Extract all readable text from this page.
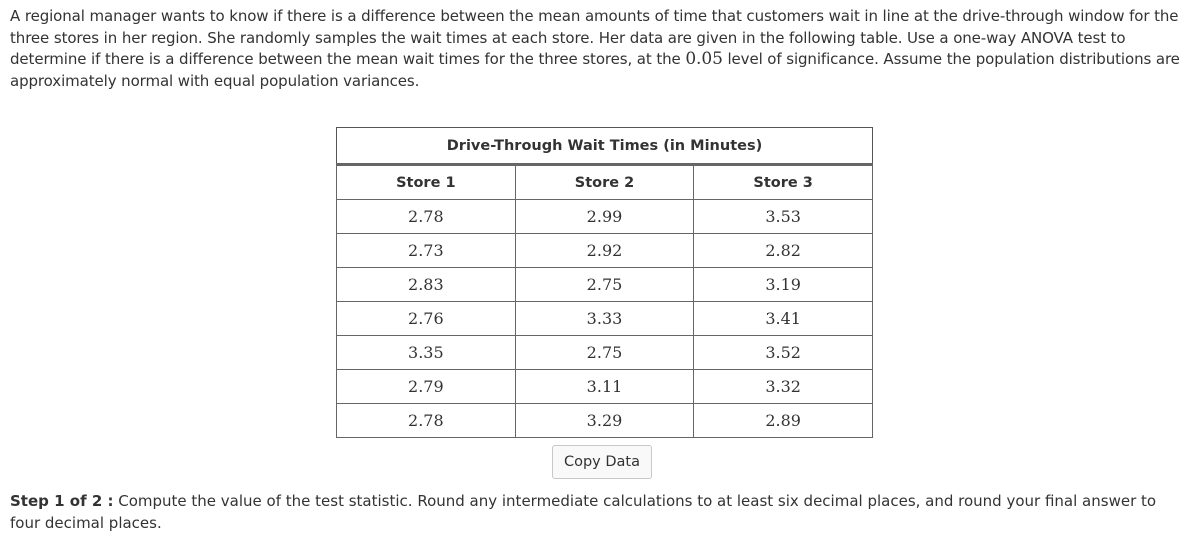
A regional manager wants to know if there is a difference between the mean amounts of time that customers wait in line at the drive-through window for the three stores in her region. She randomly samples the wait times at each store. Her data are given in the following table. Use a one-way ANOVA test to determine if there is a difference between the mean wait times for the three stores, at the 0.05 level of significance. Assume the population distributions are approximately normal with equal population variances.
Drive-Through Wait Times (in Minutes)		
Store 1	Store 2	Store 3
2.78	2.99	3.53
2.73	2.92	2.82
2.83	2.75	3.19
2.76	3.33	3.41
3.35	2.75	3.52
2.79	3.11	3.32
2.78	3.29	2.89
Copy Data
Step 1 of 2 : Compute the value of the test statistic. Round any intermediate calculations to at least six decimal places, and round your final answer to four decimal places.
